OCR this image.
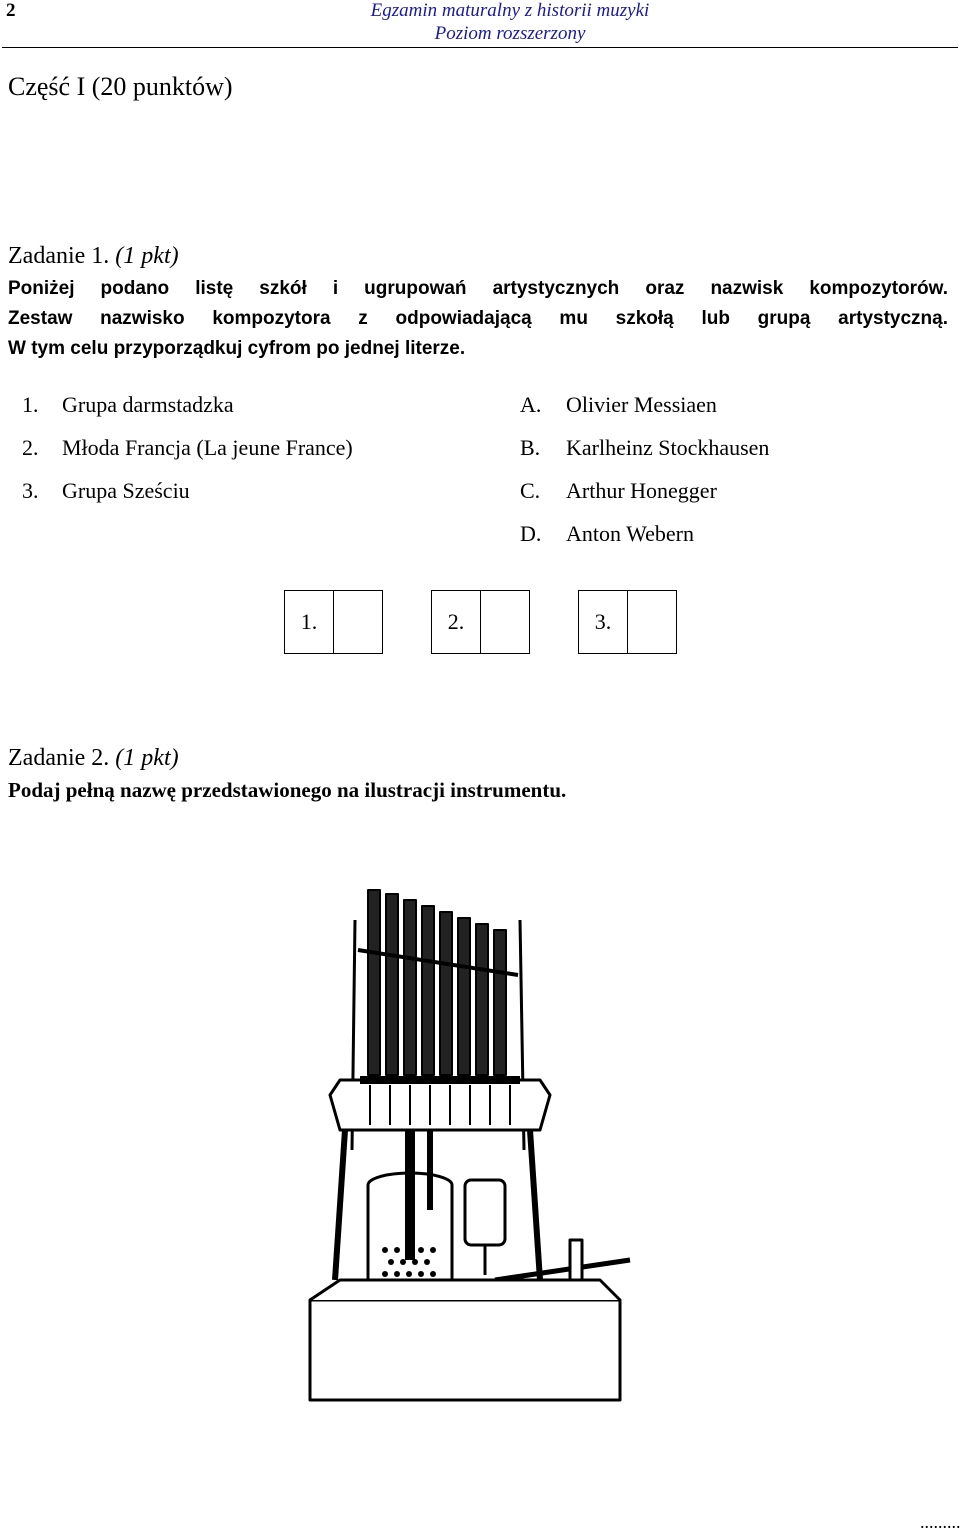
2	Egzamin maturalny z historii muzyki
Poziom rozszerzony
Część I (20 punktów)
Zadanie 1. (1 pkt)
Poniżej podano listę szkół i ugrupowań artystycznych oraz nazwisk kompozytorów.
Zestaw nazwisko kompozytora z odpowiadającą mu szkołą lub grupą artystyczną.
W tym celu przyporządkuj cyfrom po jednej literze.
1. Grupa darmstadzka
2. Młoda Francja (La jeune France)
3. Grupa Sześciu
A. Olivier Messiaen
B. Karlheinz Stockhausen
C. Arthur Honegger
D. Anton Webern
1.	2.	3.
Zadanie 2. (1 pkt)
Podaj pełną nazwę przedstawionego na ilustracji instrumentu.
.........
